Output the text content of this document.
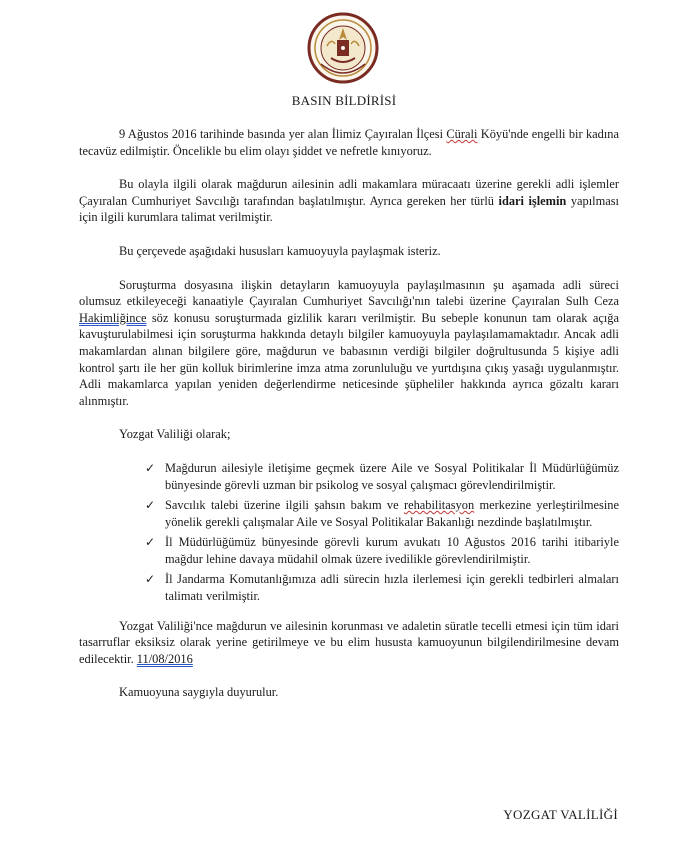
BASIN BİLDİRİSİ

9 Ağustos 2016 tarihinde basında yer alan İlimiz Çayıralan İlçesi Cürali Köyü'nde engelli bir kadına tecavüz edilmiştir. Öncelikle bu elim olayı şiddet ve nefretle kınıyoruz.

Bu olayla ilgili olarak mağdurun ailesinin adli makamlara müracaatı üzerine gerekli adli işlemler Çayıralan Cumhuriyet Savcılığı tarafından başlatılmıştır. Ayrıca gereken her türlü idari işlemin yapılması için ilgili kurumlara talimat verilmiştir.

Bu çerçevede aşağıdaki hususları kamuoyuyla paylaşmak isteriz.

Soruşturma dosyasına ilişkin detayların kamuoyuyla paylaşılmasının şu aşamada adli süreci olumsuz etkileyeceği kanaatiyle Çayıralan Cumhuriyet Savcılığı'nın talebi üzerine Çayıralan Sulh Ceza Hakimliğince söz konusu soruşturmada gizlilik kararı verilmiştir. Bu sebeple konunun tam olarak açığa kavuşturulabilmesi için soruşturma hakkında detaylı bilgiler kamuoyuyla paylaşılamamaktadır. Ancak adli makamlardan alınan bilgilere göre, mağdurun ve babasının verdiği bilgiler doğrultusunda 5 kişiye adli kontrol şartı ile her gün kolluk birimlerine imza atma zorunluluğu ve yurtdışına çıkış yasağı uygulanmıştır. Adli makamlarca yapılan yeniden değerlendirme neticesinde şüpheliler hakkında ayrıca gözaltı kararı alınmıştır.

Yozgat Valiliği olarak;

✓ Mağdurun ailesiyle iletişime geçmek üzere Aile ve Sosyal Politikalar İl Müdürlüğümüz bünyesinde görevli uzman bir psikolog ve sosyal çalışmacı görevlendirilmiştir.
✓ Savcılık talebi üzerine ilgili şahsın bakım ve rehabilitasyon merkezine yerleştirilmesine yönelik gerekli çalışmalar Aile ve Sosyal Politikalar Bakanlığı nezdinde başlatılmıştır.
✓ İl Müdürlüğümüz bünyesinde görevli kurum avukatı 10 Ağustos 2016 tarihi itibariyle mağdur lehine davaya müdahil olmak üzere ivedilikle görevlendirilmiştir.
✓ İl Jandarma Komutanlığımıza adli sürecin hızla ilerlemesi için gerekli tedbirleri almaları talimatı verilmiştir.

Yozgat Valiliği'nce mağdurun ve ailesinin korunması ve adaletin süratle tecelli etmesi için tüm idari tasarruflar eksiksiz olarak yerine getirilmeye ve bu elim hususta kamuoyunun bilgilendirilmesine devam edilecektir. 11/08/2016

Kamuoyuna saygıyla duyurulur.

YOZGAT VALİLİĞİ
